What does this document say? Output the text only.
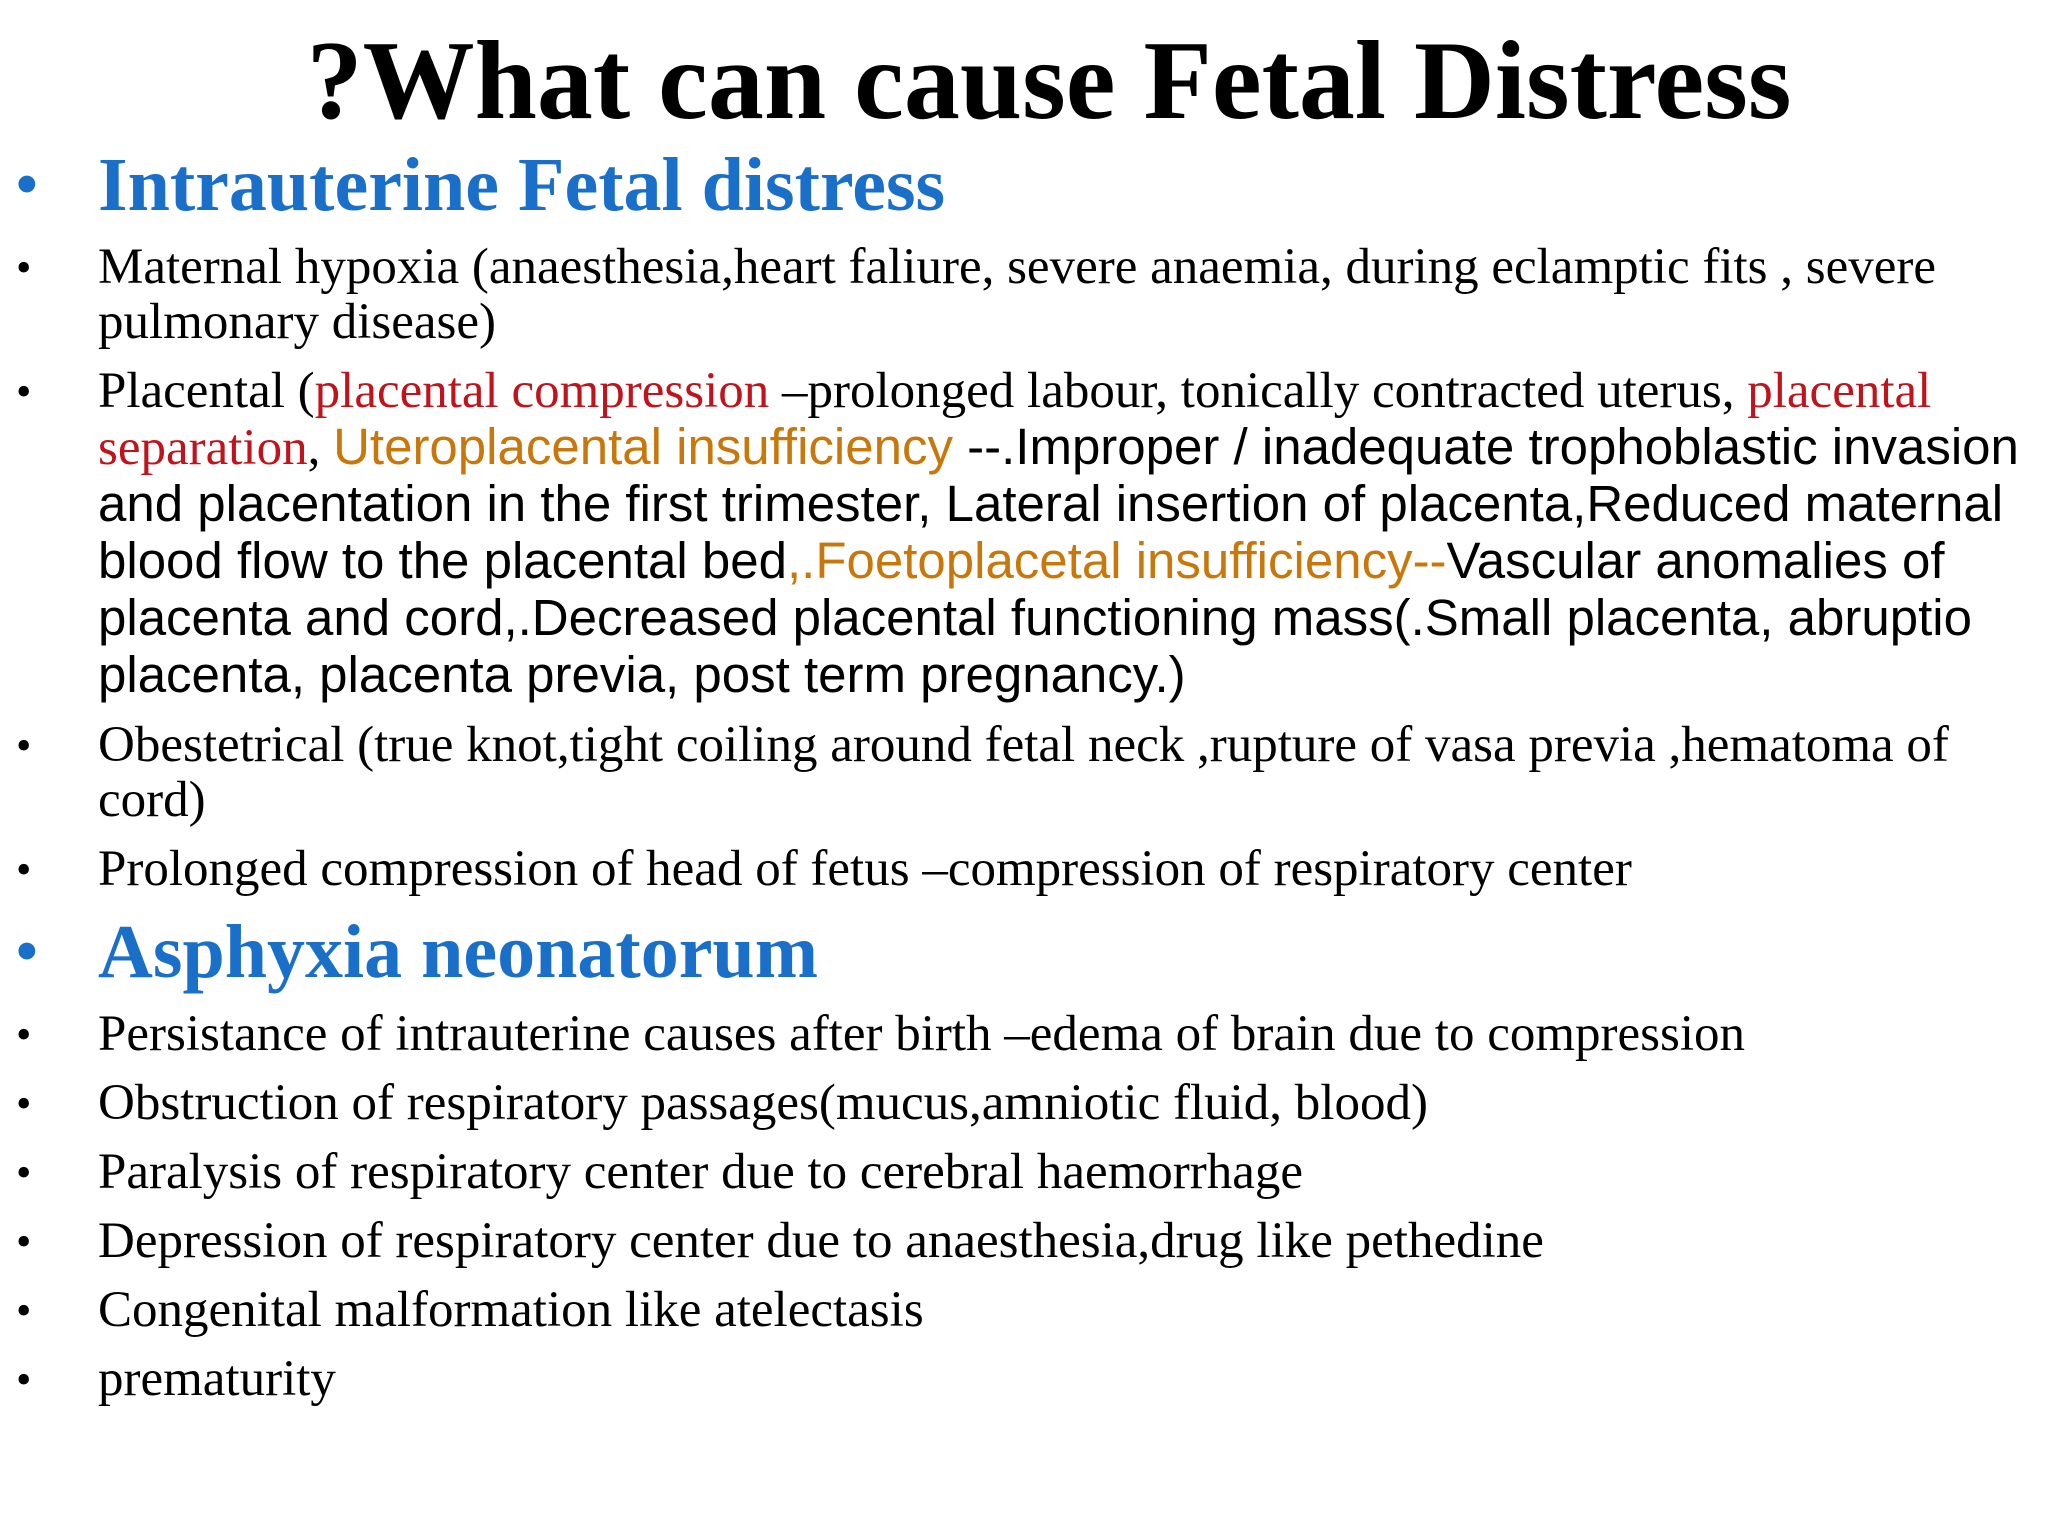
?What can cause Fetal Distress
• Intrauterine Fetal distress
• Maternal hypoxia (anaesthesia,heart faliure, severe anaemia, during eclamptic fits , severe pulmonary disease)
• Placental (placental compression –prolonged labour, tonically contracted uterus, placental separation, Uteroplacental insufficiency --.Improper / inadequate trophoblastic invasion and placentation in the first trimester, Lateral insertion of placenta,Reduced maternal blood flow to the placental bed,.Foetoplacetal insufficiency--Vascular anomalies of placenta and cord,.Decreased placental functioning mass(.Small placenta, abruptio placenta, placenta previa, post term pregnancy.)
• Obestetrical (true knot,tight coiling around fetal neck ,rupture of vasa previa ,hematoma of cord)
• Prolonged compression of head of fetus –compression of respiratory center
• Asphyxia neonatorum
• Persistance of intrauterine causes after birth –edema of brain due to compression
• Obstruction of respiratory passages(mucus,amniotic fluid, blood)
• Paralysis of respiratory center due to cerebral haemorrhage
• Depression of respiratory center due to anaesthesia,drug like pethedine
• Congenital malformation like atelectasis
• prematurity
